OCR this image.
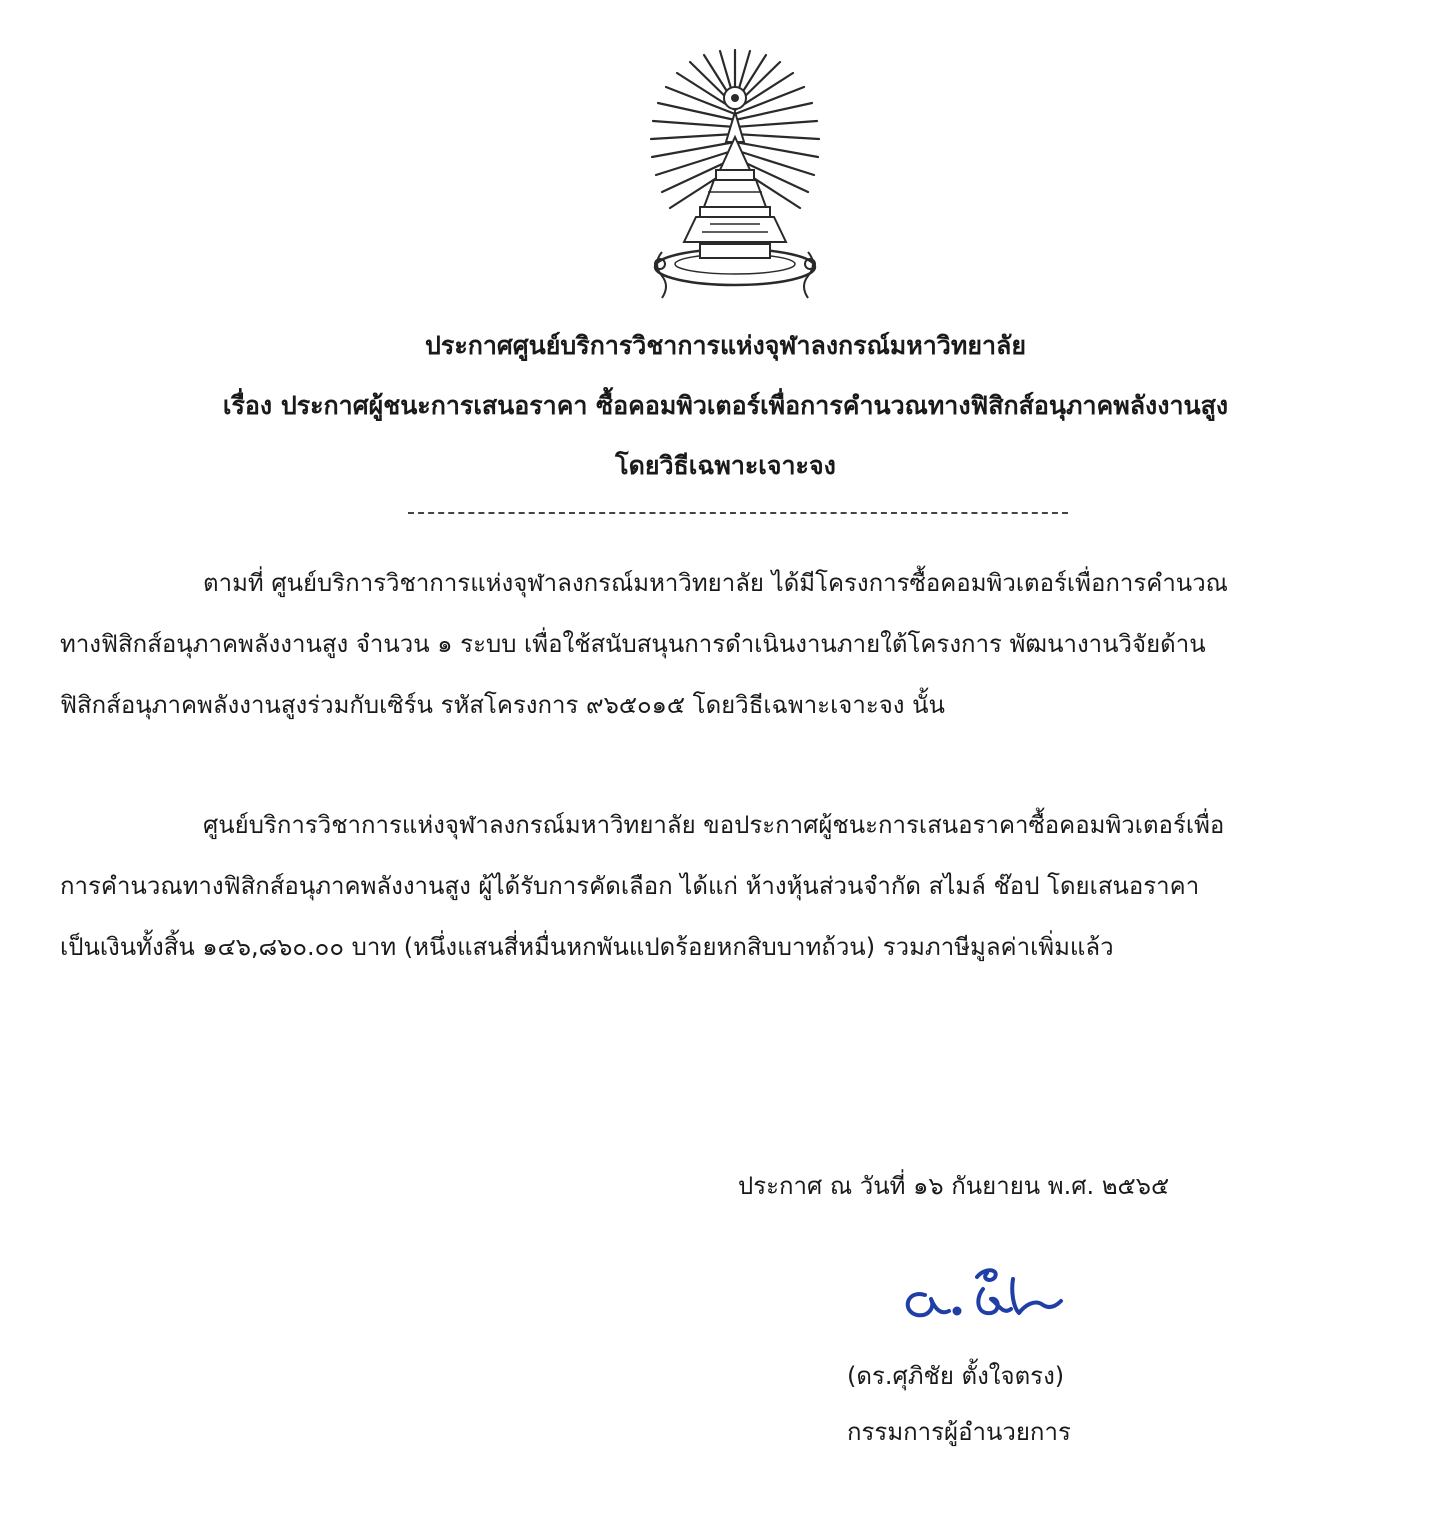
ประกาศศูนย์บริการวิชาการแห่งจุฬาลงกรณ์มหาวิทยาลัย
เรื่อง ประกาศผู้ชนะการเสนอราคา ซื้อคอมพิวเตอร์เพื่อการคำนวณทางฟิสิกส์อนุภาคพลังงานสูง
โดยวิธีเฉพาะเจาะจง
ตามที่ ศูนย์บริการวิชาการแห่งจุฬาลงกรณ์มหาวิทยาลัย ได้มีโครงการซื้อคอมพิวเตอร์เพื่อการคำนวณ
ทางฟิสิกส์อนุภาคพลังงานสูง จำนวน ๑ ระบบ เพื่อใช้สนับสนุนการดำเนินงานภายใต้โครงการ พัฒนางานวิจัยด้าน
ฟิสิกส์อนุภาคพลังงานสูงร่วมกับเซิร์น รหัสโครงการ ๙๖๕๐๑๕ โดยวิธีเฉพาะเจาะจง นั้น
ศูนย์บริการวิชาการแห่งจุฬาลงกรณ์มหาวิทยาลัย ขอประกาศผู้ชนะการเสนอราคาซื้อคอมพิวเตอร์เพื่อ
การคำนวณทางฟิสิกส์อนุภาคพลังงานสูง ผู้ได้รับการคัดเลือก ได้แก่ ห้างหุ้นส่วนจำกัด สไมล์ ช๊อป โดยเสนอราคา
เป็นเงินทั้งสิ้น ๑๔๖,๘๖๐.๐๐ บาท (หนึ่งแสนสี่หมื่นหกพันแปดร้อยหกสิบบาทถ้วน) รวมภาษีมูลค่าเพิ่มแล้ว
ประกาศ ณ วันที่ ๑๖ กันยายน พ.ศ. ๒๕๖๕
(ดร.ศุภิชัย ตั้งใจตรง)
กรรมการผู้อำนวยการ
